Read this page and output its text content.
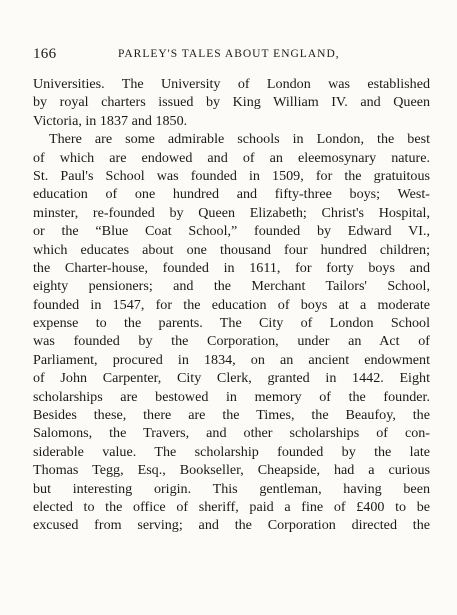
166	PARLEY'S TALES ABOUT ENGLAND,
Universities. The University of London was established
by royal charters issued by King William IV. and Queen
Victoria, in 1837 and 1850.
There are some admirable schools in London, the best
of which are endowed and of an eleemosynary nature.
St. Paul's School was founded in 1509, for the gratuitous
education of one hundred and fifty-three boys; West-
minster, re-founded by Queen Elizabeth; Christ's Hospital,
or the “Blue Coat School,” founded by Edward VI.,
which educates about one thousand four hundred children;
the Charter-house, founded in 1611, for forty boys and
eighty pensioners; and the Merchant Tailors' School,
founded in 1547, for the education of boys at a moderate
expense to the parents. The City of London School
was founded by the Corporation, under an Act of
Parliament, procured in 1834, on an ancient endowment
of John Carpenter, City Clerk, granted in 1442. Eight
scholarships are bestowed in memory of the founder.
Besides these, there are the Times, the Beaufoy, the
Salomons, the Travers, and other scholarships of con-
siderable value. The scholarship founded by the late
Thomas Tegg, Esq., Bookseller, Cheapside, had a curious
but interesting origin. This gentleman, having been
elected to the office of sheriff, paid a fine of £400 to be
excused from serving; and the Corporation directed the
